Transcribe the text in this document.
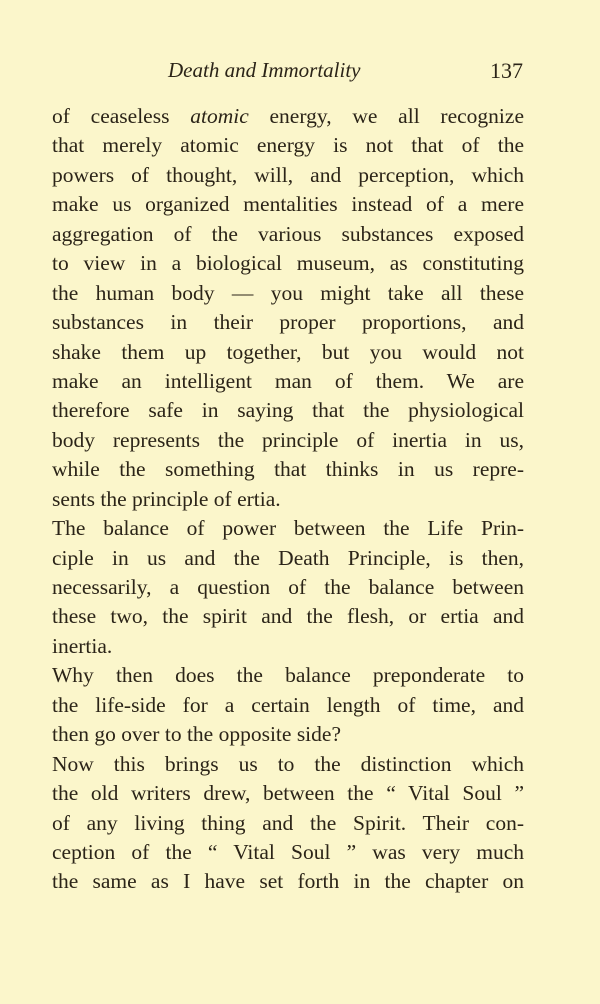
Death and Immortality	137
of ceaseless atomic energy, we all recognize
that merely atomic energy is not that of the
powers of thought, will, and perception, which
make us organized mentalities instead of a mere
aggregation of the various substances exposed
to view in a biological museum, as constituting
the human body — you might take all these
substances in their proper proportions, and
shake them up together, but you would not
make an intelligent man of them. We are
therefore safe in saying that the physiological
body represents the principle of inertia in us,
while the something that thinks in us repre-
sents the principle of ertia.
The balance of power between the Life Prin-
ciple in us and the Death Principle, is then,
necessarily, a question of the balance between
these two, the spirit and the flesh, or ertia and
inertia.
Why then does the balance preponderate to
the life-side for a certain length of time, and
then go over to the opposite side?
Now this brings us to the distinction which
the old writers drew, between the “ Vital Soul ”
of any living thing and the Spirit. Their con-
ception of the “ Vital Soul ” was very much
the same as I have set forth in the chapter on
